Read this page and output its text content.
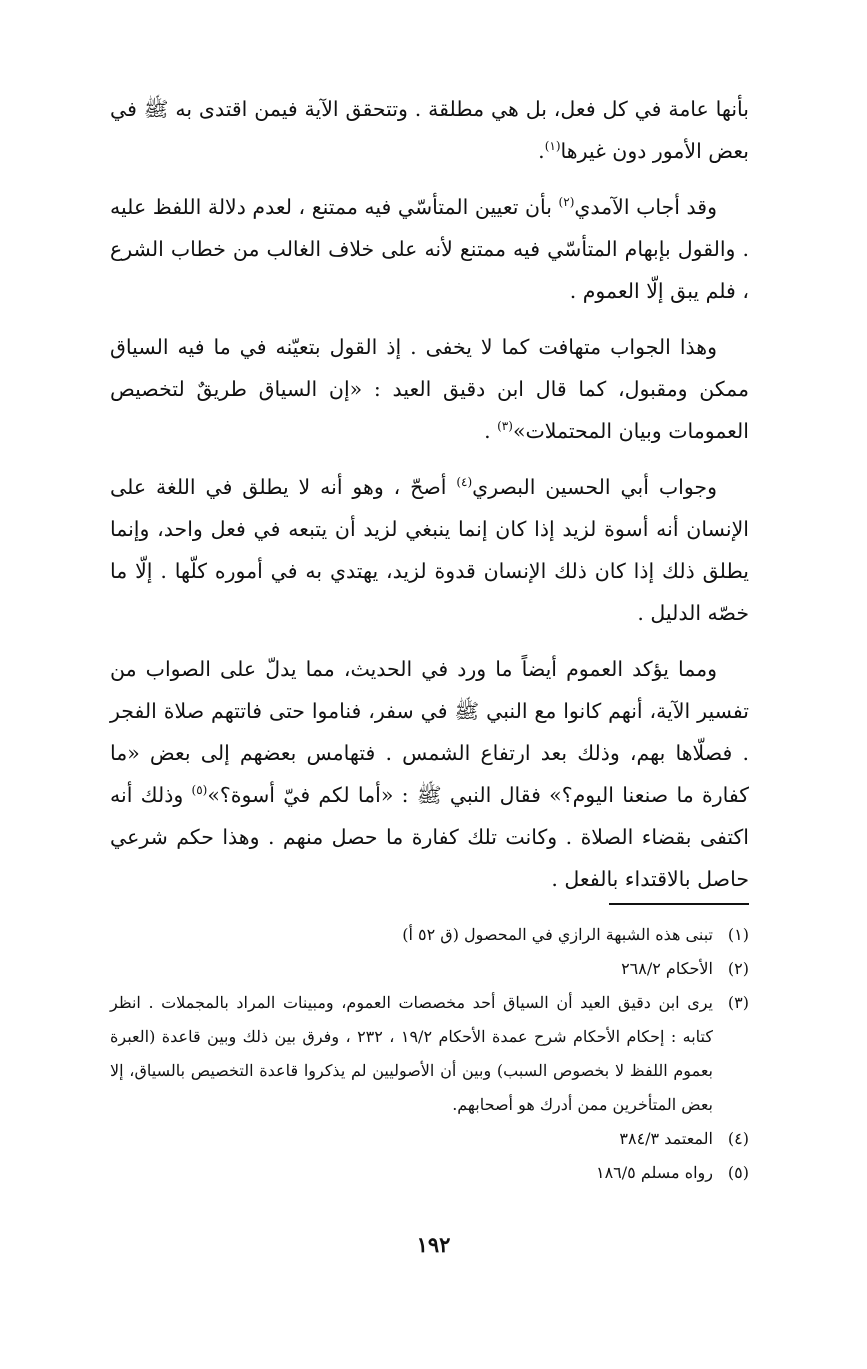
بأنها عامة في كل فعل، بل هي مطلقة . وتتحقق الآية فيمن اقتدى به ﷺ في بعض الأمور دون غيرها$^{(١)}$.

وقد أجاب الآمدي$^{(٢)}$ بأن تعيين المتأسّي فيه ممتنع ، لعدم دلالة اللفظ عليه . والقول بإبهام المتأسّي فيه ممتنع لأنه على خلاف الغالب من خطاب الشرع ، فلم يبق إلّا العموم .

وهذا الجواب متهافت كما لا يخفى . إذ القول بتعيّنه في ما فيه السياق ممكن ومقبول، كما قال ابن دقيق العيد : «إن السياق طريقٌ لتخصيص العمومات وبيان المحتملات»$^{(٣)}$ .

وجواب أبي الحسين البصري$^{(٤)}$ أصحّ ، وهو أنه لا يطلق في اللغة على الإنسان أنه أسوة لزيد إذا كان إنما ينبغي لزيد أن يتبعه في فعل واحد، وإنما يطلق ذلك إذا كان ذلك الإنسان قدوة لزيد، يهتدي به في أموره كلّها . إلّا ما خصّه الدليل .

ومما يؤكد العموم أيضاً ما ورد في الحديث، مما يدلّ على الصواب من تفسير الآية، أنهم كانوا مع النبي ﷺ في سفر، فناموا حتى فاتتهم صلاة الفجر . فصلّاها بهم، وذلك بعد ارتفاع الشمس . فتهامس بعضهم إلى بعض «ما كفارة ما صنعنا اليوم؟» فقال النبي ﷺ : «أما لكم فيّ أسوة؟»$^{(٥)}$ وذلك أنه اكتفى بقضاء الصلاة . وكانت تلك كفارة ما حصل منهم . وهذا حكم شرعي حاصل بالاقتداء بالفعل .

(١)
تبنى هذه الشبهة الرازي في المحصول (ق ٥٢ أ)
(٢)
الأحكام ٢٦٨/٢
(٣)
يرى ابن دقيق العيد أن السياق أحد مخصصات العموم، ومبينات المراد بالمجملات . انظر كتابه : إحكام الأحكام شرح عمدة الأحكام ١٩/٢ ، ٢٣٢ ، وفرق بين ذلك وبين قاعدة (العبرة بعموم اللفظ لا بخصوص السبب) وبين أن الأصوليين لم يذكروا قاعدة التخصيص بالسياق، إلا بعض المتأخرين ممن أدرك هو أصحابهم.
(٤)
المعتمد ٣٨٤/٣
(٥)
رواه مسلم ١٨٦/٥
١٩٢
